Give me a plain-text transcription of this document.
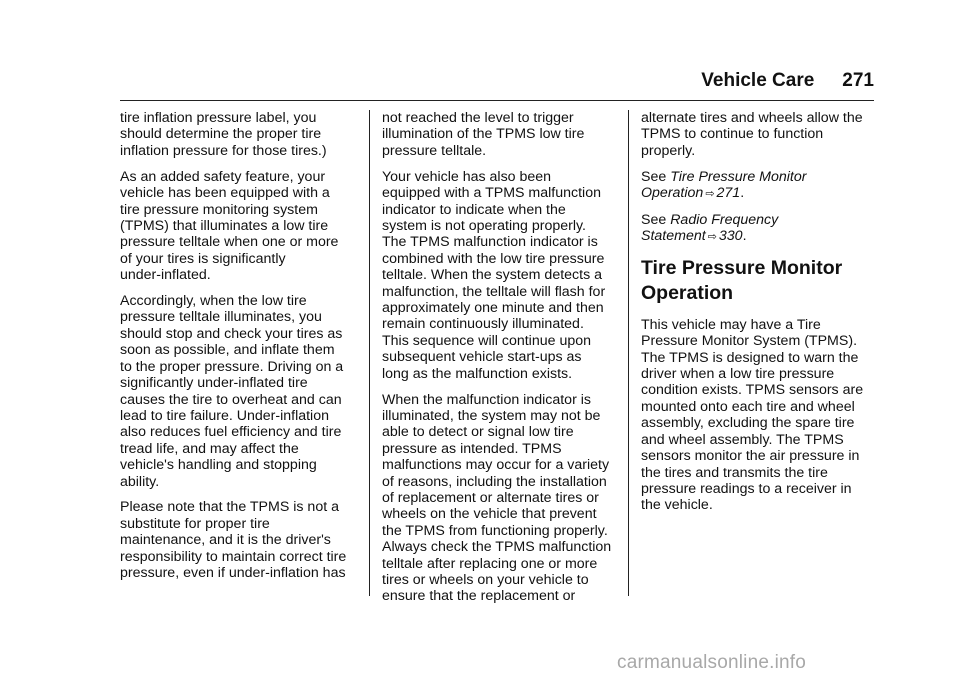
Vehicle Care 271

tire inflation pressure label, you
should determine the proper tire
inflation pressure for those tires.)

As an added safety feature, your
vehicle has been equipped with a
tire pressure monitoring system
(TPMS) that illuminates a low tire
pressure telltale when one or more
of your tires is significantly
under-inflated.

Accordingly, when the low tire
pressure telltale illuminates, you
should stop and check your tires as
soon as possible, and inflate them
to the proper pressure. Driving on a
significantly under-inflated tire
causes the tire to overheat and can
lead to tire failure. Under-inflation
also reduces fuel efficiency and tire
tread life, and may affect the
vehicle's handling and stopping
ability.

Please note that the TPMS is not a
substitute for proper tire
maintenance, and it is the driver's
responsibility to maintain correct tire
pressure, even if under-inflation has

not reached the level to trigger
illumination of the TPMS low tire
pressure telltale.

Your vehicle has also been
equipped with a TPMS malfunction
indicator to indicate when the
system is not operating properly.
The TPMS malfunction indicator is
combined with the low tire pressure
telltale. When the system detects a
malfunction, the telltale will flash for
approximately one minute and then
remain continuously illuminated.
This sequence will continue upon
subsequent vehicle start-ups as
long as the malfunction exists.

When the malfunction indicator is
illuminated, the system may not be
able to detect or signal low tire
pressure as intended. TPMS
malfunctions may occur for a variety
of reasons, including the installation
of replacement or alternate tires or
wheels on the vehicle that prevent
the TPMS from functioning properly.
Always check the TPMS malfunction
telltale after replacing one or more
tires or wheels on your vehicle to
ensure that the replacement or

alternate tires and wheels allow the
TPMS to continue to function
properly.

See Tire Pressure Monitor
Operation ⇨ 271.
See Radio Frequency
Statement ⇨ 330.
Tire Pressure Monitor
Operation

This vehicle may have a Tire
Pressure Monitor System (TPMS).
The TPMS is designed to warn the
driver when a low tire pressure
condition exists. TPMS sensors are
mounted onto each tire and wheel
assembly, excluding the spare tire
and wheel assembly. The TPMS
sensors monitor the air pressure in
the tires and transmits the tire
pressure readings to a receiver in
the vehicle.

carmanualsonline.info
